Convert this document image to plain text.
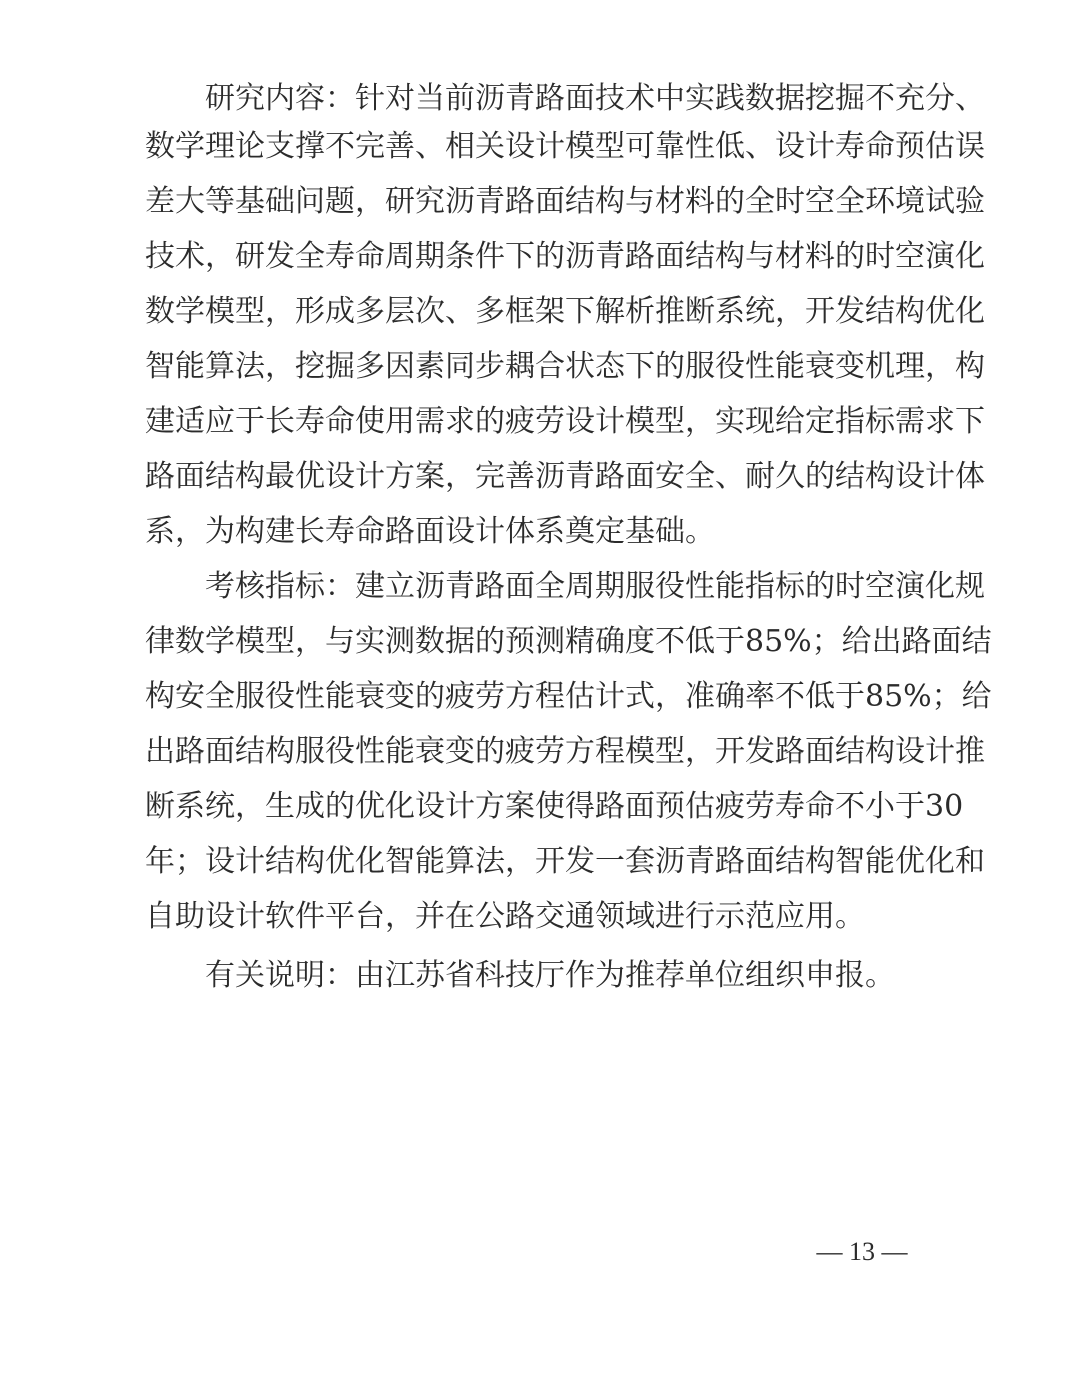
研究内容：针对当前沥青路面技术中实践数据挖掘不充分、
数学理论支撑不完善、相关设计模型可靠性低、设计寿命预估误
差大等基础问题，研究沥青路面结构与材料的全时空全环境试验
技术，研发全寿命周期条件下的沥青路面结构与材料的时空演化
数学模型，形成多层次、多框架下解析推断系统，开发结构优化
智能算法，挖掘多因素同步耦合状态下的服役性能衰变机理，构
建适应于长寿命使用需求的疲劳设计模型，实现给定指标需求下
路面结构最优设计方案，完善沥青路面安全、耐久的结构设计体
系，为构建长寿命路面设计体系奠定基础。
考核指标：建立沥青路面全周期服役性能指标的时空演化规
律数学模型，与实测数据的预测精确度不低于85%；给出路面结
构安全服役性能衰变的疲劳方程估计式，准确率不低于85%；给
出路面结构服役性能衰变的疲劳方程模型，开发路面结构设计推
断系统，生成的优化设计方案使得路面预估疲劳寿命不小于30
年；设计结构优化智能算法，开发一套沥青路面结构智能优化和
自助设计软件平台，并在公路交通领域进行示范应用。
有关说明：由江苏省科技厅作为推荐单位组织申报。
— 13 —
